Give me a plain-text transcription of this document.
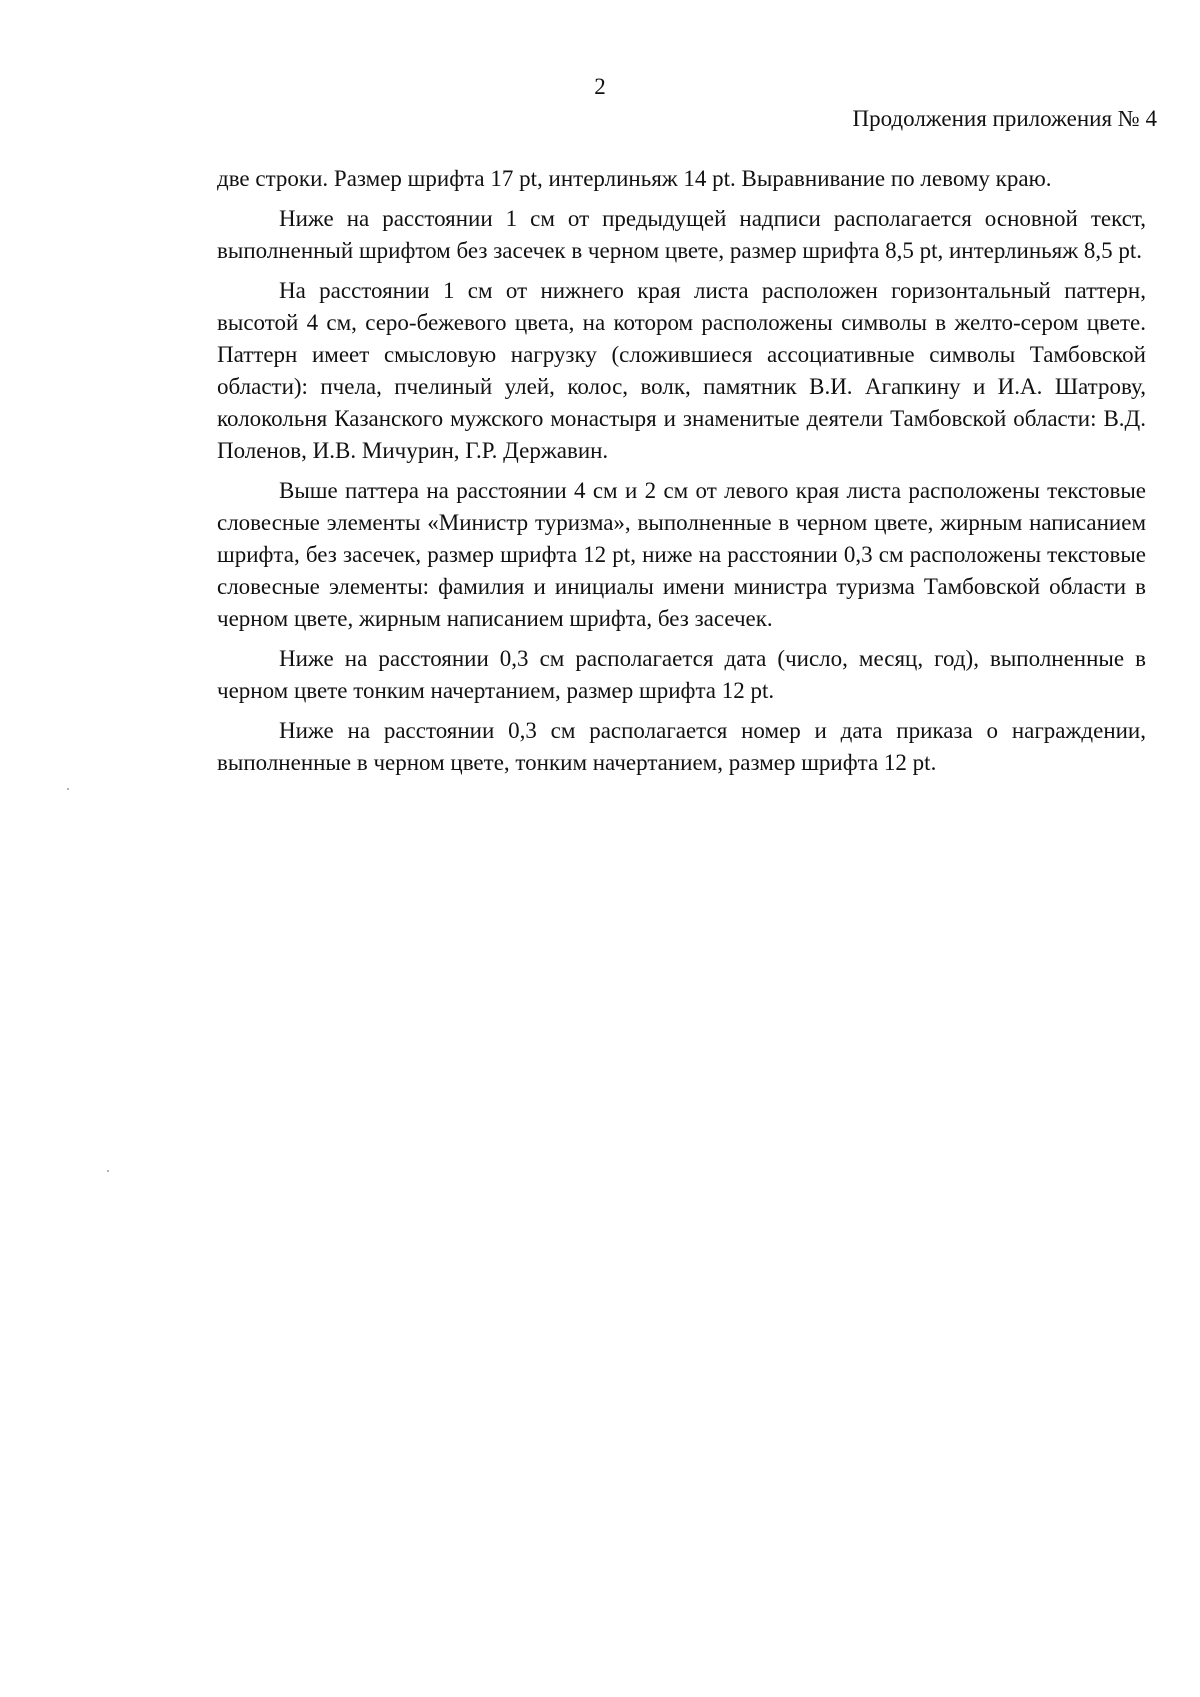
2
Продолжения приложения № 4

две строки. Размер шрифта 17 pt, интерлиньяж 14 pt. Выравнивание по левому краю.

Ниже на расстоянии 1 см от предыдущей надписи располагается основной текст, выполненный шрифтом без засечек в черном цвете, размер шрифта 8,5 pt, интерлиньяж 8,5 pt.

На расстоянии 1 см от нижнего края листа расположен горизонтальный паттерн, высотой 4 см, серо-бежевого цвета, на котором расположены символы в желто-сером цвете. Паттерн имеет смысловую нагрузку (сложившиеся ассоциативные символы Тамбовской области): пчела, пчелиный улей, колос, волк, памятник В.И. Агапкину и И.А. Шатрову, колокольня Казанского мужского монастыря и знаменитые деятели Тамбовской области: В.Д. Поленов, И.В. Мичурин, Г.Р. Державин.

Выше паттера на расстоянии 4 см и 2 см от левого края листа расположены текстовые словесные элементы «Министр туризма», выполненные в черном цвете, жирным написанием шрифта, без засечек, размер шрифта 12 pt, ниже на расстоянии 0,3 см расположены текстовые словесные элементы: фамилия и инициалы имени министра туризма Тамбовской области в черном цвете, жирным написанием шрифта, без засечек.

Ниже на расстоянии 0,3 см располагается дата (число, месяц, год), выполненные в черном цвете тонким начертанием, размер шрифта 12 pt.

Ниже на расстоянии 0,3 см располагается номер и дата приказа о награждении, выполненные в черном цвете, тонким начертанием, размер шрифта 12 pt.
